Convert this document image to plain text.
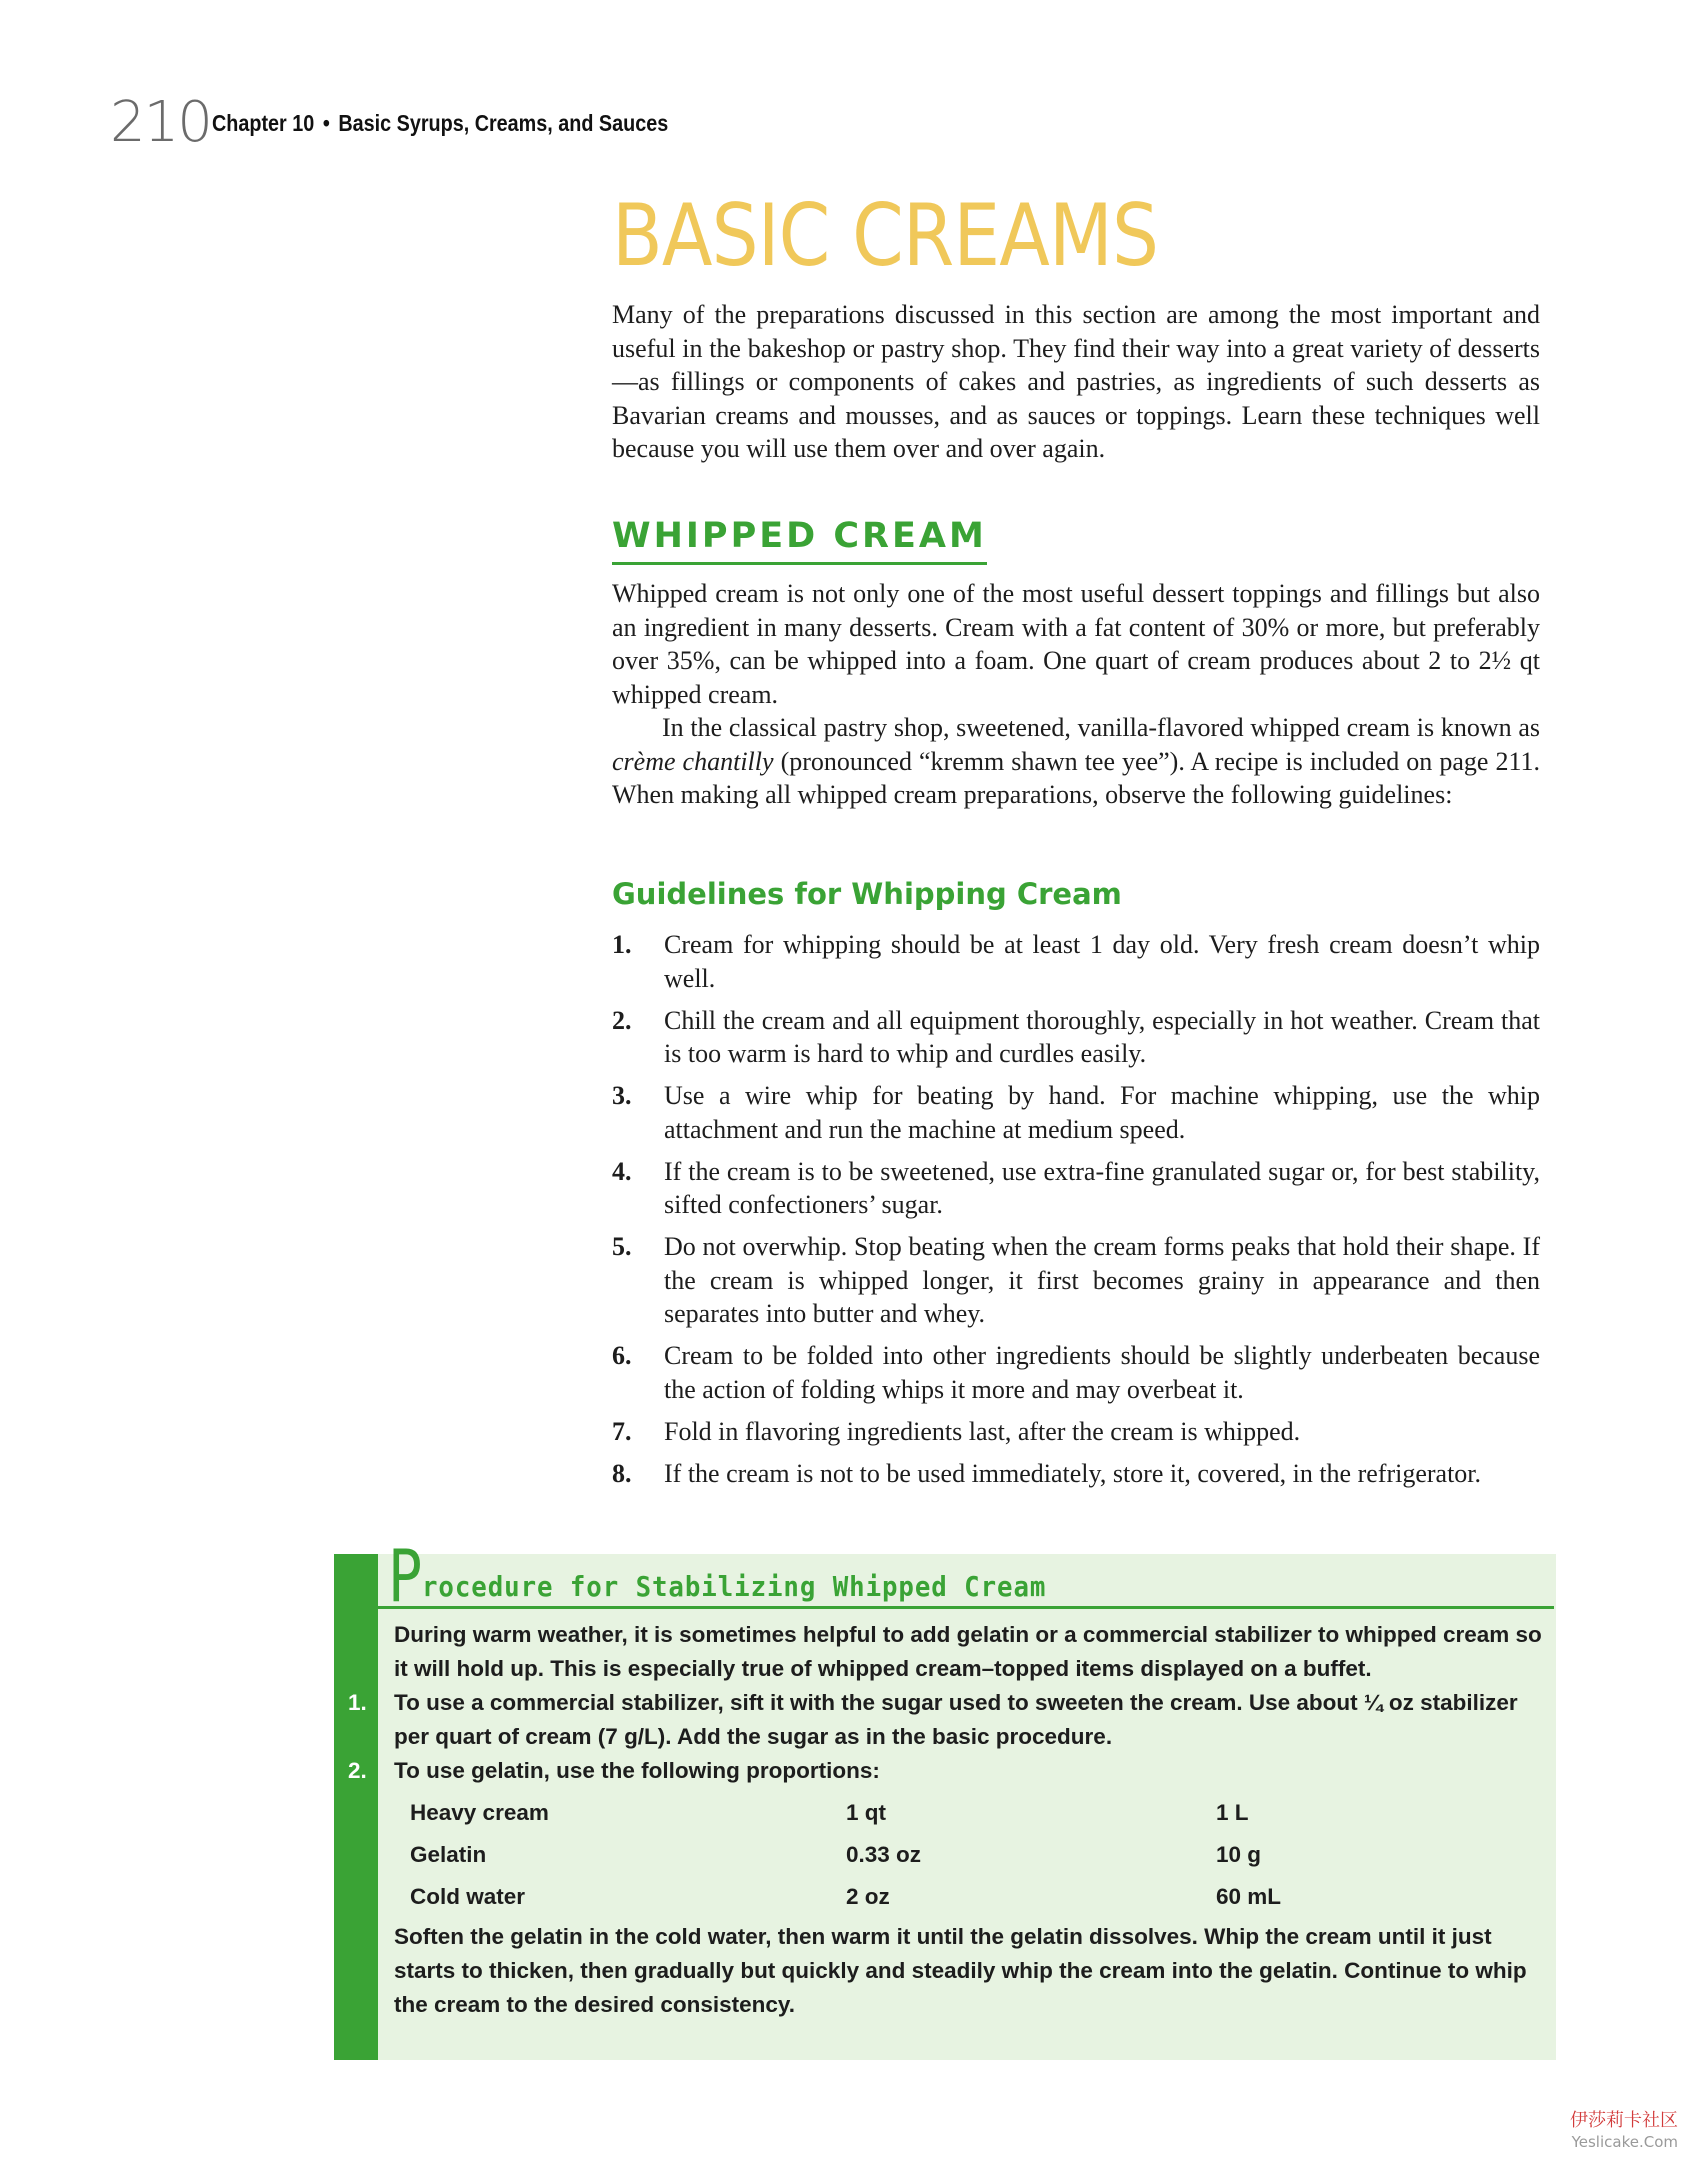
210 Chapter 10 • Basic Syrups, Creams, and Sauces
BASIC CREAMS

Many of the preparations discussed in this section are among the most important and useful in the bakeshop or pastry shop. They find their way into a great variety of desserts—as fillings or components of cakes and pastries, as ingredients of such desserts as Bavarian creams and mousses, and as sauces or toppings. Learn these techniques well because you will use them over and over again.

WHIPPED CREAM

Whipped cream is not only one of the most useful dessert toppings and fillings but also an ingredient in many desserts. Cream with a fat content of 30% or more, but preferably over 35%, can be whipped into a foam. One quart of cream produces about 2 to 2½ qt whipped cream.

In the classical pastry shop, sweetened, vanilla-flavored whipped cream is known as crème chantilly (pronounced “kremm shawn tee yee”). A recipe is included on page 211. When making all whipped cream preparations, observe the following guidelines:

Guidelines for Whipping Cream
1. Cream for whipping should be at least 1 day old. Very fresh cream doesn’t whip well.
2. Chill the cream and all equipment thoroughly, especially in hot weather. Cream that is too warm is hard to whip and curdles easily.
3. Use a wire whip for beating by hand. For machine whipping, use the whip attachment and run the machine at medium speed.
4. If the cream is to be sweetened, use extra-fine granulated sugar or, for best stability, sifted confectioners’ sugar.
5. Do not overwhip. Stop beating when the cream forms peaks that hold their shape. If the cream is whipped longer, it first becomes grainy in appearance and then separates into butter and whey.
6. Cream to be folded into other ingredients should be slightly underbeaten because the action of folding whips it more and may overbeat it.
7. Fold in flavoring ingredients last, after the cream is whipped.
8. If the cream is not to be used immediately, store it, covered, in the refrigerator.
P rocedure for Stabilizing Whipped Cream

During warm weather, it is sometimes helpful to add gelatin or a commercial stabilizer to whipped cream so it will hold up. This is especially true of whipped cream–topped items displayed on a buffet.

1.	To use a commercial stabilizer, sift it with the sugar used to sweeten the cream. Use about ¼ oz stabilizer per quart of cream (7 g/L). Add the sugar as in the basic procedure.

2.	To use gelatin, use the following proportions:

Heavy cream	1 qt	1 L
Gelatin	0.33 oz	10 g
Cold water	2 oz	60 mL

Soften the gelatin in the cold water, then warm it until the gelatin dissolves. Whip the cream until it just starts to thicken, then gradually but quickly and steadily whip the cream into the gelatin. Continue to whip the cream to the desired consistency.

伊莎莉卡社区
Yeslicake.Com
